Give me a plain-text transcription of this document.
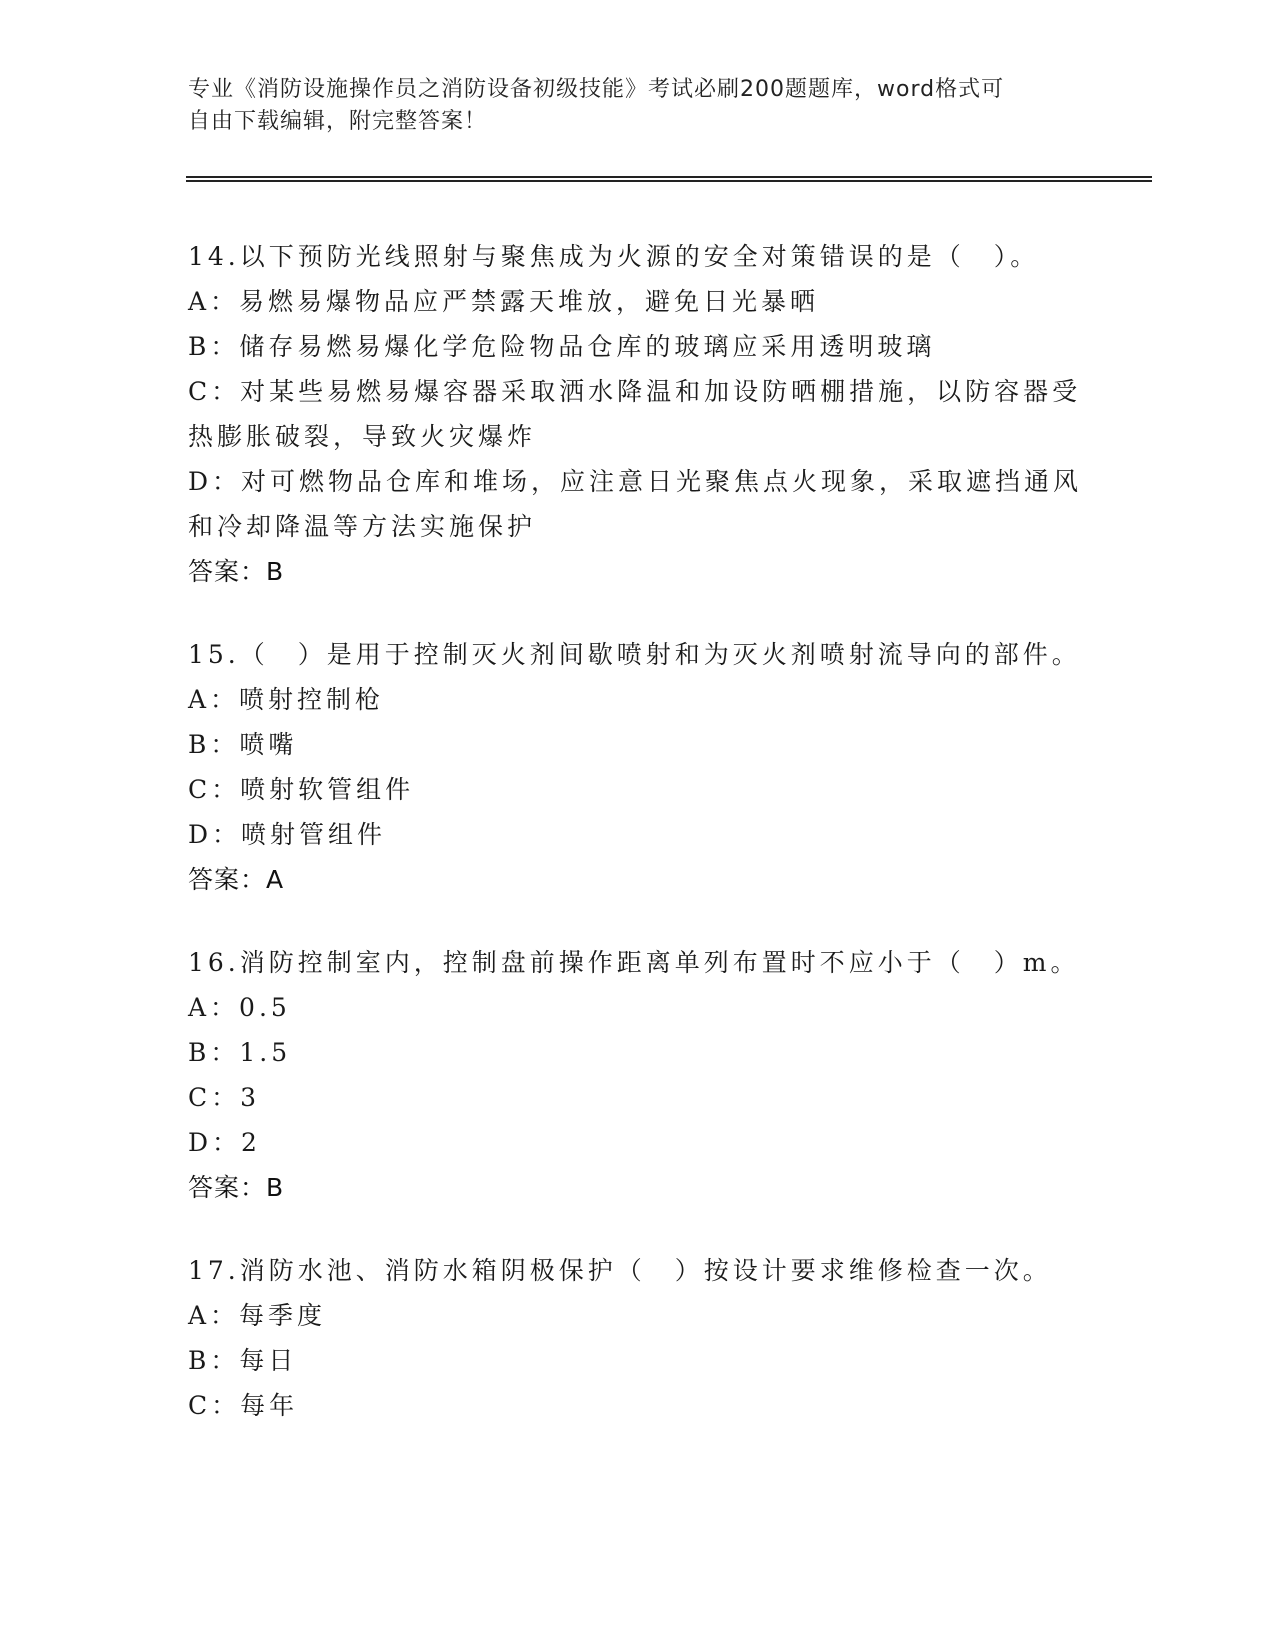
专业《消防设施操作员之消防设备初级技能》考试必刷200题题库，word格式可
自由下载编辑，附完整答案！
14.以下预防光线照射与聚焦成为火源的安全对策错误的是（　）。
A：易燃易爆物品应严禁露天堆放，避免日光暴晒
B：储存易燃易爆化学危险物品仓库的玻璃应采用透明玻璃
C：对某些易燃易爆容器采取洒水降温和加设防晒棚措施，以防容器受
热膨胀破裂，导致火灾爆炸
D：对可燃物品仓库和堆场，应注意日光聚焦点火现象，采取遮挡通风
和冷却降温等方法实施保护
答案：B
15.（　）是用于控制灭火剂间歇喷射和为灭火剂喷射流导向的部件。
A：喷射控制枪
B：喷嘴
C：喷射软管组件
D：喷射管组件
答案：A
16.消防控制室内，控制盘前操作距离单列布置时不应小于（　）m。
A：0.5
B：1.5
C：3
D：2
答案：B
17.消防水池、消防水箱阴极保护（　）按设计要求维修检查一次。
A：每季度
B：每日
C：每年
